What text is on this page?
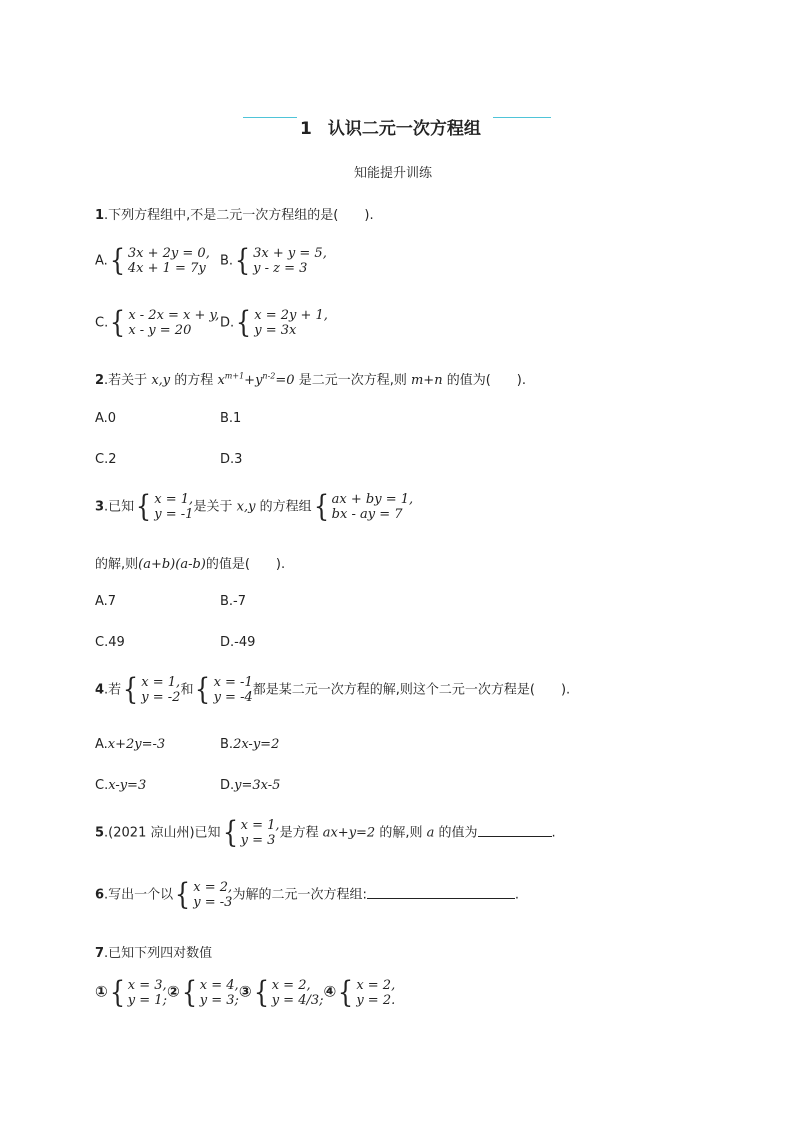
1 认识二元一次方程组
知能提升训练
1.下列方程组中,不是二元一次方程组的是(　　).
A. { 3x + 2y = 0,
4x + 1 = 7y	B. { 3x + y = 5,
y - z = 3
C. { x - 2x = x + y,
x - y = 20	D. { x = 2y + 1,
y = 3x
2.若关于 x,y 的方程 $x^{m+1}+y^{n-2}=0$ 是二元一次方程,则 m+n 的值为(　　).
A.0	B.1
C.2	D.3
3.已知 { x = 1,
y = -1 是关于 x,y 的方程组 { ax + by = 1,
bx - ay = 7
的解,则(a+b)(a-b)的值是(　　).
A.7	B.-7
C.49	D.-49
4.若 { x = 1,
y = -2 和 { x = -1
y = -4 都是某二元一次方程的解,则这个二元一次方程是(　　).
A.x+2y=-3	B.2x-y=2
C.x-y=3	D.y=3x-5
5.(2021 凉山州)已知 { x = 1,
y = 3 是方程 ax+y=2 的解,则 a 的值为	.
6.写出一个以 { x = 2,
y = -3 为解的二元一次方程组:	.
7.已知下列四对数值
① { x = 3,
y = 1; ② { x = 4,
y = 3; ③ { x = 2,
y = 4/3; ④ { x = 2,
y = 2.
